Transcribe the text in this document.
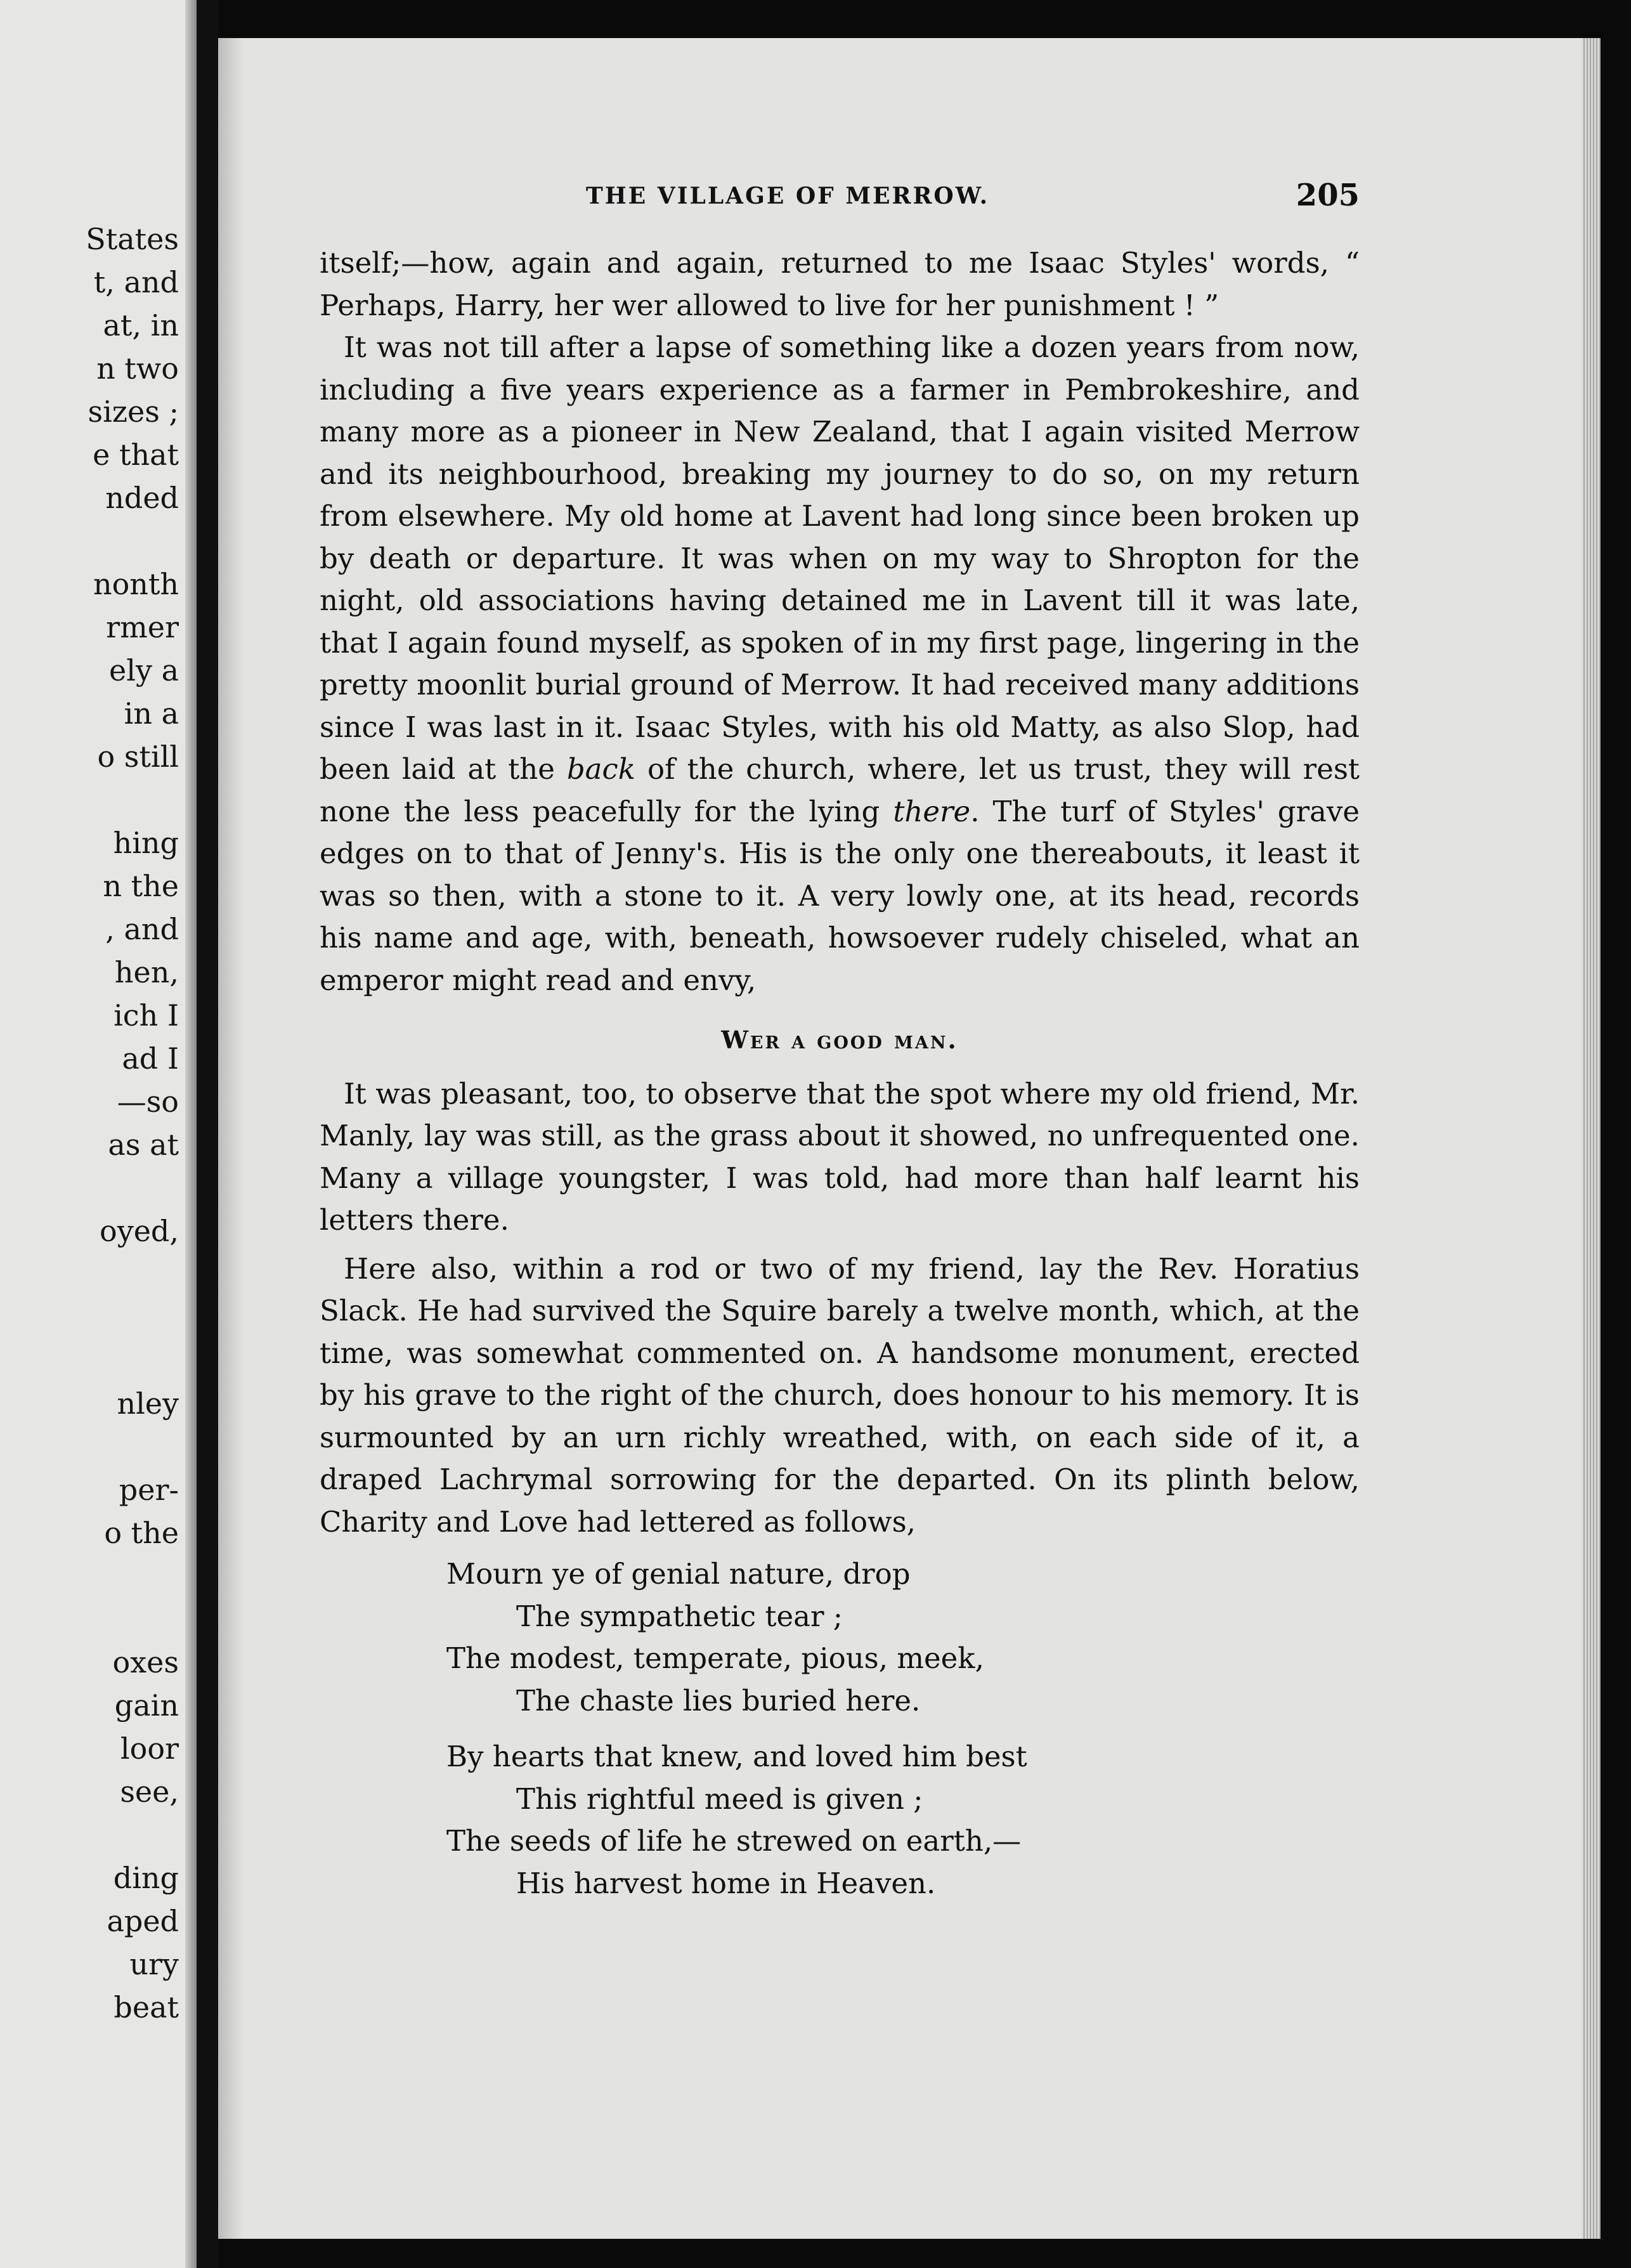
States
t, and
at, in
n two
sizes ;
e that
nded
nonth
rmer
ely a
in a
o still
hing
n the
, and
hen,
ich I
ad I
—so
as at
oyed,
nley
per-
o the
oxes
gain
loor
see,
ding
aped
ury
beat
THE VILLAGE OF MERROW.	205

itself;—how, again and again, returned to me Isaac Styles' words, “ Perhaps, Harry, her wer allowed to live for her punishment ! ”

It was not till after a lapse of something like a dozen years from now, including a five years experience as a farmer in Pembrokeshire, and many more as a pioneer in New Zealand, that I again visited Merrow and its neighbourhood, breaking my journey to do so, on my return from elsewhere. My old home at Lavent had long since been broken up by death or departure. It was when on my way to Shropton for the night, old associations having detained me in Lavent till it was late, that I again found myself, as spoken of in my first page, lingering in the pretty moonlit burial ground of Merrow. It had received many additions since I was last in it. Isaac Styles, with his old Matty, as also Slop, had been laid at the back of the church, where, let us trust, they will rest none the less peacefully for the lying there. The turf of Styles' grave edges on to that of Jenny's. His is the only one thereabouts, it least it was so then, with a stone to it. A very lowly one, at its head, records his name and age, with, beneath, howsoever rudely chiseled, what an emperor might read and envy,

Wer a good man.

It was pleasant, too, to observe that the spot where my old friend, Mr. Manly, lay was still, as the grass about it showed, no unfrequented one. Many a village youngster, I was told, had more than half learnt his letters there.

Here also, within a rod or two of my friend, lay the Rev. Horatius Slack. He had survived the Squire barely a twelve month, which, at the time, was somewhat commented on. A handsome monument, erected by his grave to the right of the church, does honour to his memory. It is surmounted by an urn richly wreathed, with, on each side of it, a draped Lachrymal sorrowing for the departed. On its plinth below, Charity and Love had lettered as follows,

Mourn ye of genial nature, drop
The sympathetic tear ;
The modest, temperate, pious, meek,
The chaste lies buried here.
By hearts that knew, and loved him best
This rightful meed is given ;
The seeds of life he strewed on earth,—
His harvest home in Heaven.
